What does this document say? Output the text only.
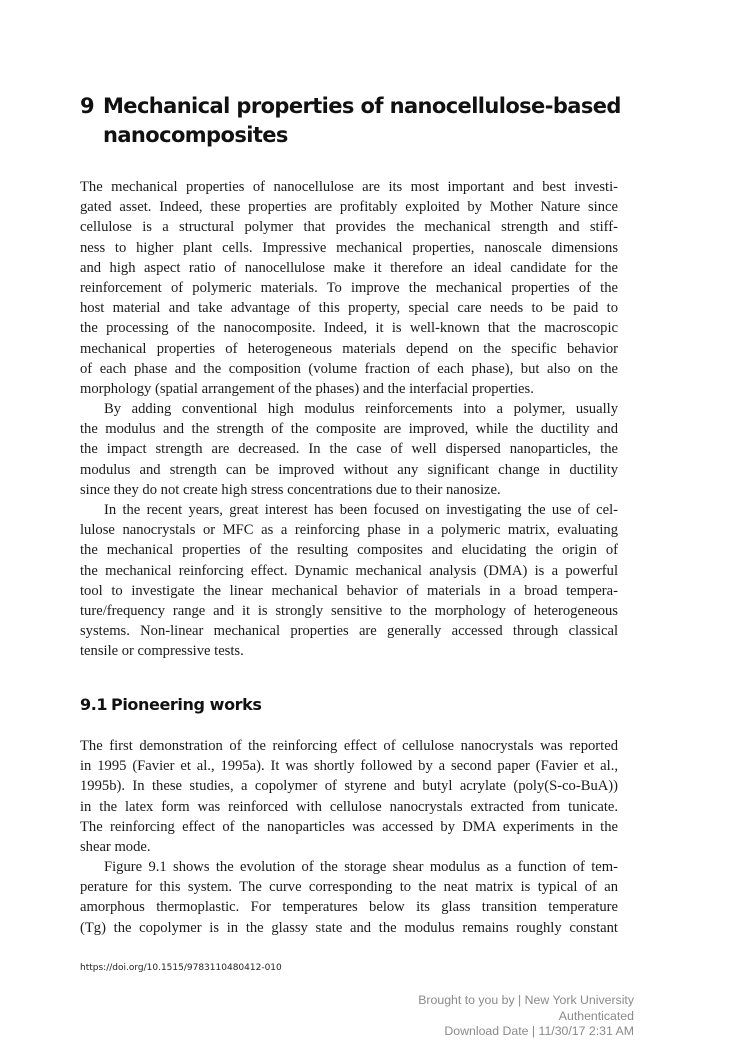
9 Mechanical properties of nanocellulose-based
nanocomposites
The mechanical properties of nanocellulose are its most important and best investi-
gated asset. Indeed, these properties are profitably exploited by Mother Nature since
cellulose is a structural polymer that provides the mechanical strength and stiff-
ness to higher plant cells. Impressive mechanical properties, nanoscale dimensions
and high aspect ratio of nanocellulose make it therefore an ideal candidate for the
reinforcement of polymeric materials. To improve the mechanical properties of the
host material and take advantage of this property, special care needs to be paid to
the processing of the nanocomposite. Indeed, it is well-known that the macroscopic
mechanical properties of heterogeneous materials depend on the specific behavior
of each phase and the composition (volume fraction of each phase), but also on the
morphology (spatial arrangement of the phases) and the interfacial properties.
By adding conventional high modulus reinforcements into a polymer, usually
the modulus and the strength of the composite are improved, while the ductility and
the impact strength are decreased. In the case of well dispersed nanoparticles, the
modulus and strength can be improved without any significant change in ductility
since they do not create high stress concentrations due to their nanosize.
In the recent years, great interest has been focused on investigating the use of cel-
lulose nanocrystals or MFC as a reinforcing phase in a polymeric matrix, evaluating
the mechanical properties of the resulting composites and elucidating the origin of
the mechanical reinforcing effect. Dynamic mechanical analysis (DMA) is a powerful
tool to investigate the linear mechanical behavior of materials in a broad tempera-
ture/frequency range and it is strongly sensitive to the morphology of heterogeneous
systems. Non-linear mechanical properties are generally accessed through classical
tensile or compressive tests.
9.1 Pioneering works
The first demonstration of the reinforcing effect of cellulose nanocrystals was reported
in 1995 (Favier et al., 1995a). It was shortly followed by a second paper (Favier et al.,
1995b). In these studies, a copolymer of styrene and butyl acrylate (poly(S-co-BuA))
in the latex form was reinforced with cellulose nanocrystals extracted from tunicate.
The reinforcing effect of the nanoparticles was accessed by DMA experiments in the
shear mode.
Figure 9.1 shows the evolution of the storage shear modulus as a function of tem-
perature for this system. The curve corresponding to the neat matrix is typical of an
amorphous thermoplastic. For temperatures below its glass transition temperature
(Tg) the copolymer is in the glassy state and the modulus remains roughly constant
https://doi.org/10.1515/9783110480412-010
Brought to you by | New York University
Authenticated
Download Date | 11/30/17 2:31 AM
